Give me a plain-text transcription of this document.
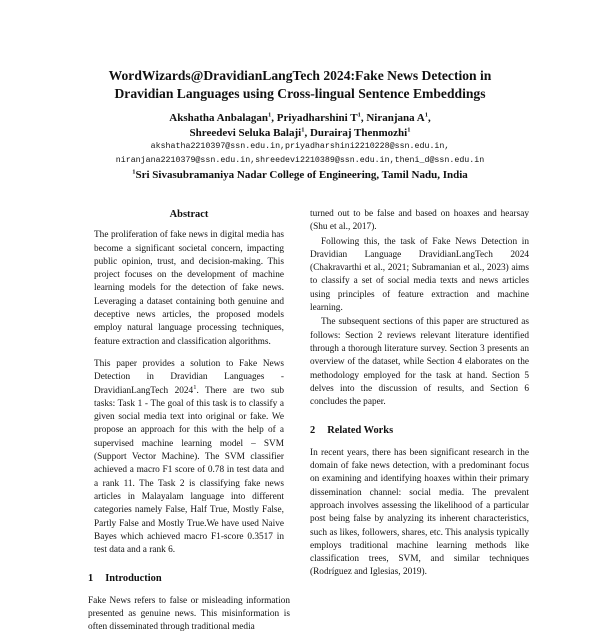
WordWizards@DravidianLangTech 2024:Fake News Detection in
Dravidian Languages using Cross-lingual Sentence Embeddings
Akshatha Anbalagan$^1$, Priyadharshini $T^1$, Niranjana $A^1$,
Shreedevi Seluka Balaji$^1$, Durairaj Thenmozhi$^1$
akshatha2210397@ssn.edu.in,priyadharshini2210228@ssn.edu.in,
niranjana2210379@ssn.edu.in,shreedevi2210389@ssn.edu.in,theni_d@ssn.edu.in
$^1$Sri Sivasubramaniya Nadar College of Engineering, Tamil Nadu, India
Abstract

The proliferation of fake news in digital media has become a significant societal concern, impacting public opinion, trust, and decision-making. This project focuses on the development of machine learning models for the detection of fake news. Leveraging a dataset containing both genuine and deceptive news articles, the proposed models employ natural language processing techniques, feature extraction and classification algorithms.

This paper provides a solution to Fake News Detection in Dravidian Languages - DravidianLangTech 2024$^1$. There are two sub tasks: Task 1 - The goal of this task is to classify a given social media text into original or fake. We propose an approach for this with the help of a supervised machine learning model – SVM (Support Vector Machine). The SVM classifier achieved a macro F1 score of 0.78 in test data and a rank 11. The Task 2 is classifying fake news articles in Malayalam language into different categories namely False, Half True, Mostly False, Partly False and Mostly True.We have used Naive Bayes which achieved macro F1-score 0.3517 in test data and a rank 6.

1 Introduction

Fake News refers to false or misleading information presented as genuine news. This misinformation is often disseminated through traditional media

turned out to be false and based on hoaxes and hearsay (Shu et al., 2017).

Following this, the task of Fake News Detection in Dravidian Language DravidianLangTech 2024 (Chakravarthi et al., 2021; Subramanian et al., 2023) aims to classify a set of social media texts and news articles using principles of feature extraction and machine learning.

The subsequent sections of this paper are structured as follows: Section 2 reviews relevant literature identified through a thorough literature survey. Section 3 presents an overview of the dataset, while Section 4 elaborates on the methodology employed for the task at hand. Section 5 delves into the discussion of results, and Section 6 concludes the paper.

2 Related Works

In recent years, there has been significant research in the domain of fake news detection, with a predominant focus on examining and identifying hoaxes within their primary dissemination channel: social media. The prevalent approach involves assessing the likelihood of a particular post being false by analyzing its inherent characteristics, such as likes, followers, shares, etc. This analysis typically employs traditional machine learning methods like classification trees, SVM, and similar techniques (Rodríguez and Iglesias, 2019).
